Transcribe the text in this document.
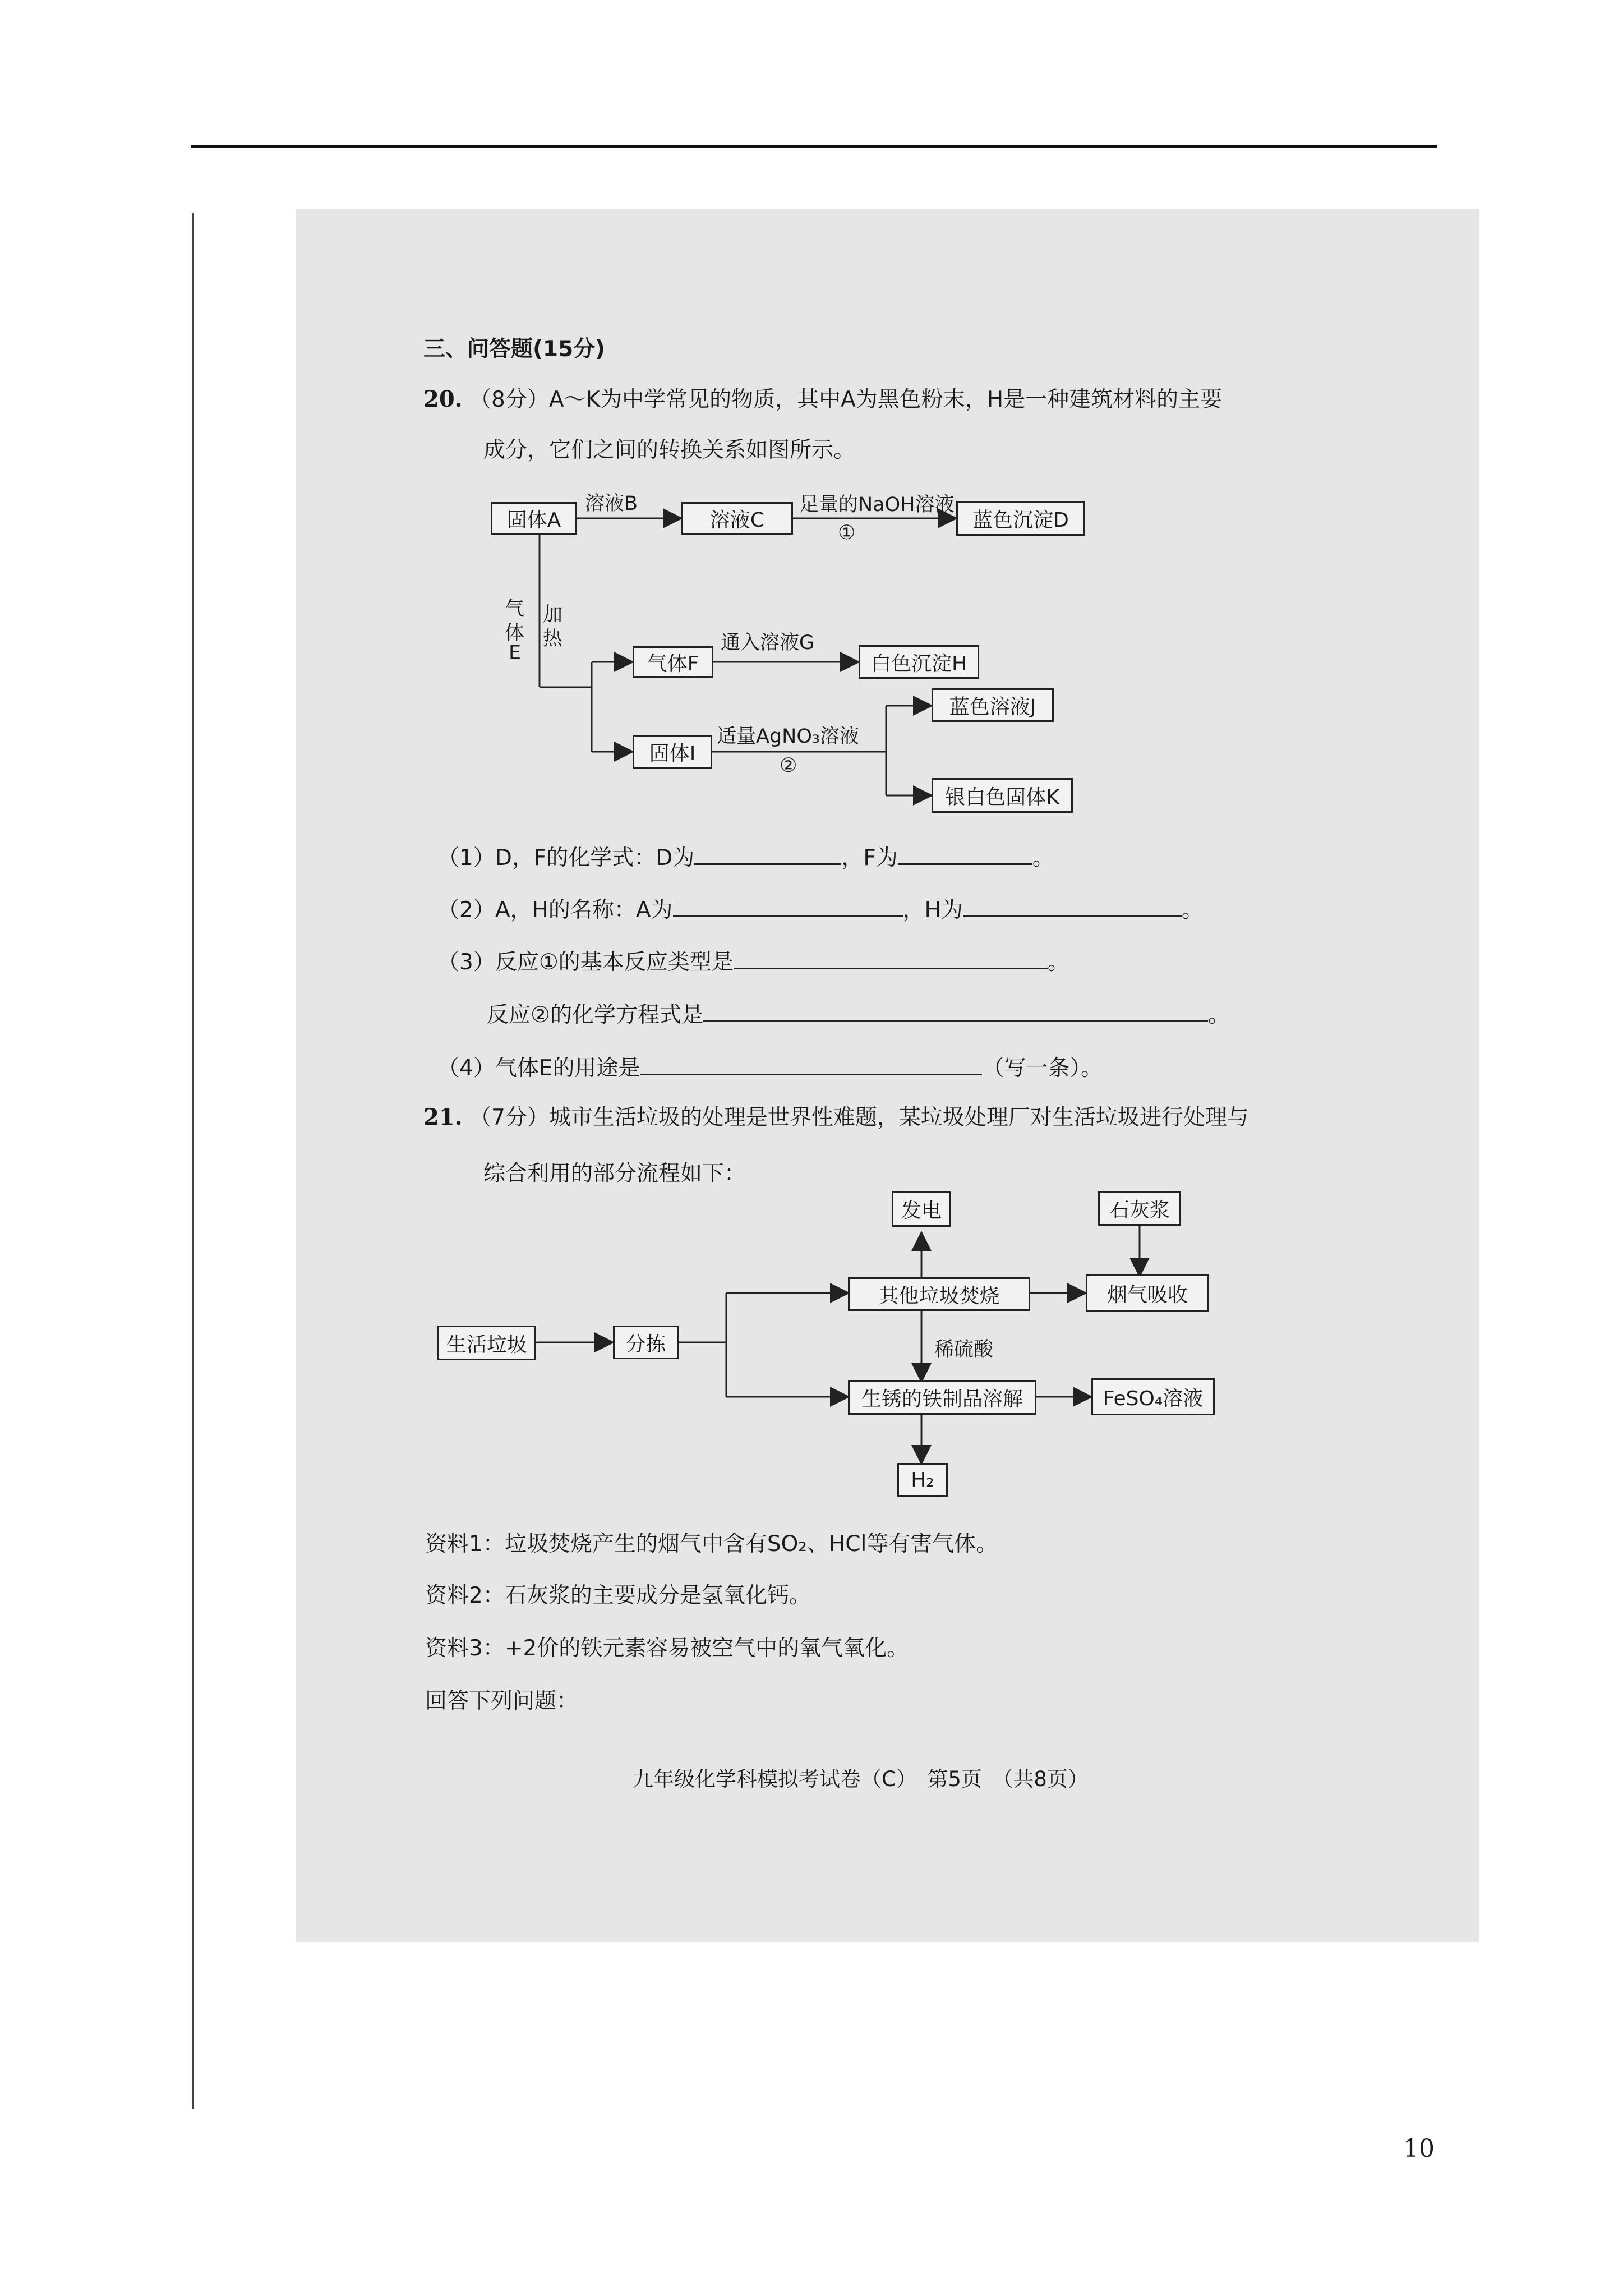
三、问答题(15分)
20. （8分）A～K为中学常见的物质，其中A为黑色粉末，H是一种建筑材料的主要
成分，它们之间的转换关系如图所示。
固体A
溶液B
溶液C
足量的NaOH溶液
①
蓝色沉淀D
气
体
E
加
热
气体F
通入溶液G
白色沉淀H
固体I
适量AgNO₃溶液
②
蓝色溶液J
银白色固体K
（1）D，F的化学式：D为	，F为	。
（2）A，H的名称：A为	，H为	。
（3）反应①的基本反应类型是	。
反应②的化学方程式是	。
（4）气体E的用途是	（写一条）。
21. （7分）城市生活垃圾的处理是世界性难题，某垃圾处理厂对生活垃圾进行处理与
综合利用的部分流程如下：
发电	石灰浆
其他垃圾焚烧	烟气吸收
生活垃圾	分拣	稀硫酸
生锈的铁制品溶解	FeSO₄溶液
H₂
资料1：垃圾焚烧产生的烟气中含有SO₂、HCl等有害气体。
资料2：石灰浆的主要成分是氢氧化钙。
资料3：+2价的铁元素容易被空气中的氧气氧化。
回答下列问题：
九年级化学科模拟考试卷（C）　第5页　（共8页）
10
